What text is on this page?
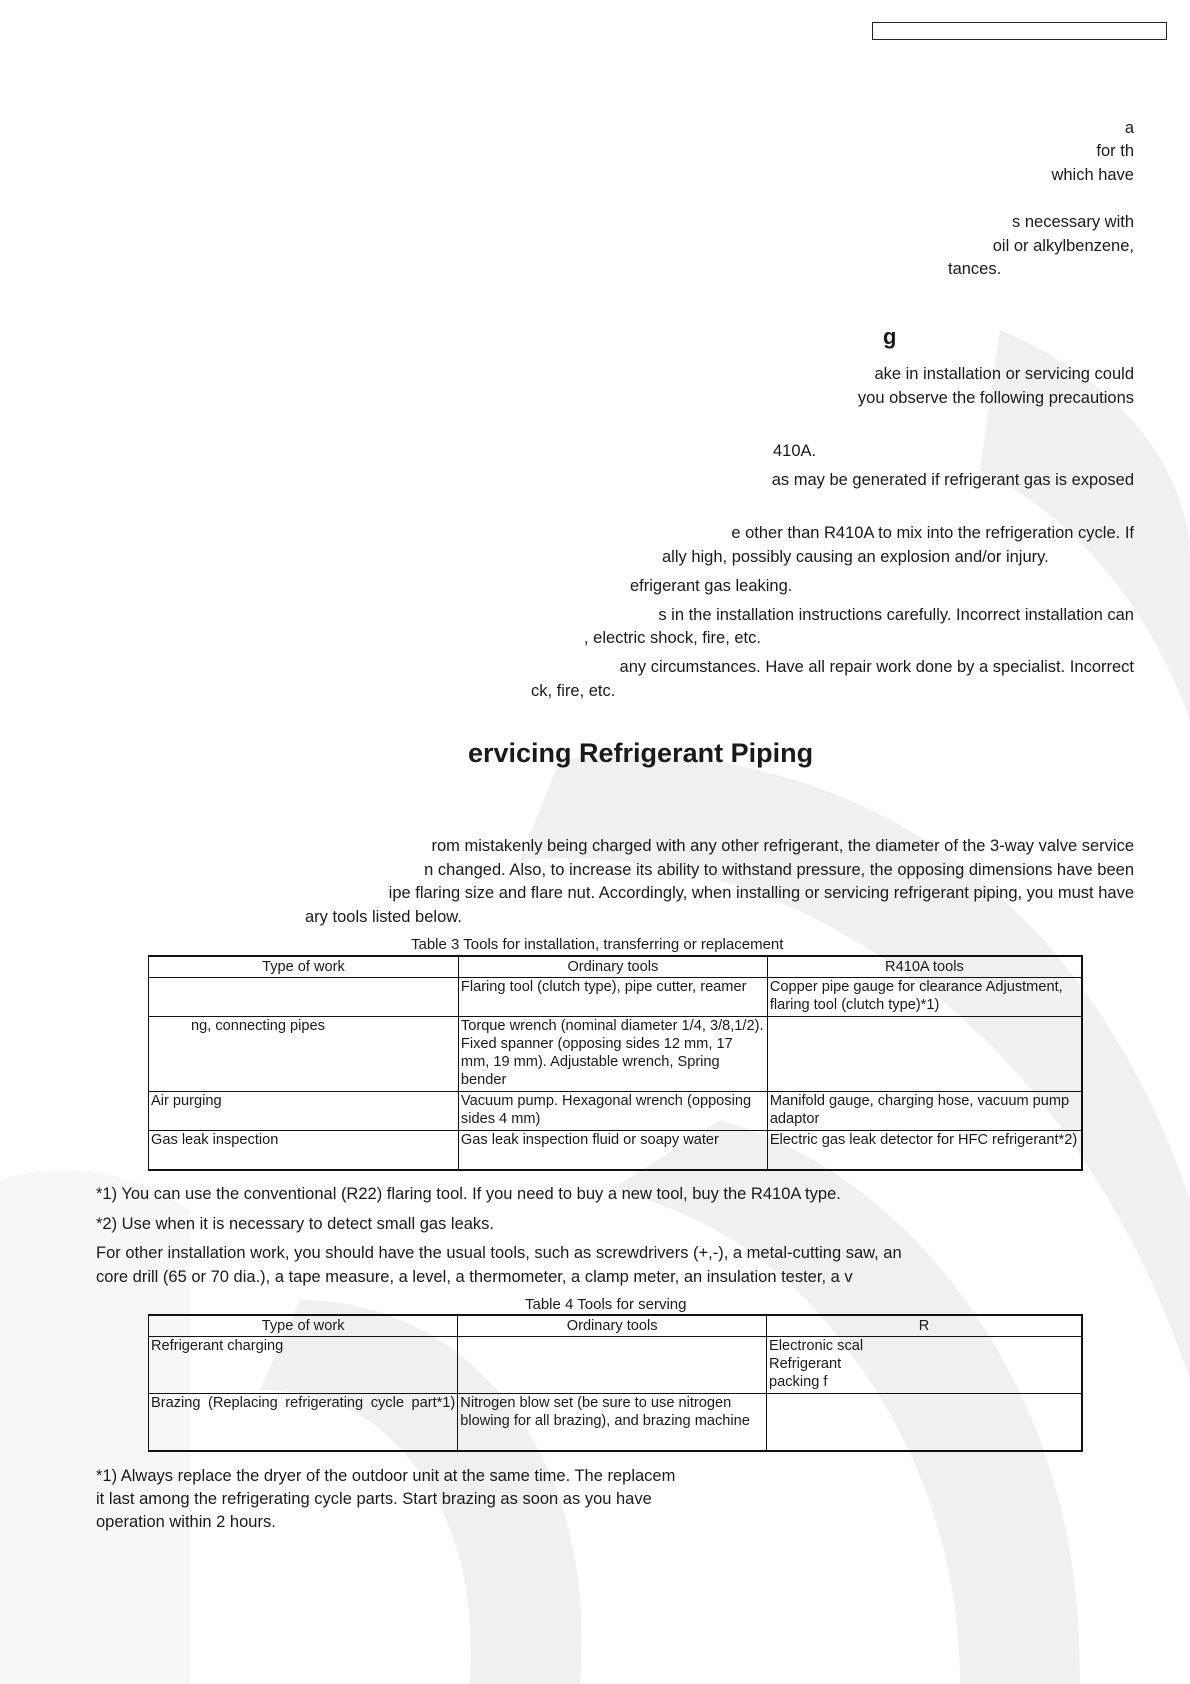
a
for th
which have
s necessary with
oil or alkylbenzene,
tances.
g
ake in installation or servicing could
you observe the following precautions
410A.
as may be generated if refrigerant gas is exposed
e other than R410A to mix into the refrigeration cycle. If
ally high, possibly causing an explosion and/or injury.
efrigerant gas leaking.
s in the installation instructions carefully. Incorrect installation can
, electric shock, fire, etc.
any circumstances. Have all repair work done by a specialist. Incorrect
ck, fire, etc.
ervicing Refrigerant Piping
rom mistakenly being charged with any other refrigerant, the diameter of the 3-way valve service
n changed. Also, to increase its ability to withstand pressure, the opposing dimensions have been
ipe flaring size and flare nut. Accordingly, when installing or servicing refrigerant piping, you must have
ary tools listed below.
Table 3 Tools for installation, transferring or replacement
Type of work	Ordinary tools	R410A tools
	Flaring tool (clutch type), pipe cutter, reamer	Copper pipe gauge for clearance Adjustment, flaring tool (clutch type)*1)
ng, connecting pipes	Torque wrench (nominal diameter 1/4, 3/8,1/2). Fixed spanner (opposing sides 12 mm, 17 mm, 19 mm). Adjustable wrench, Spring bender	
Air purging	Vacuum pump. Hexagonal wrench (opposing sides 4 mm)	Manifold gauge, charging hose, vacuum pump adaptor
Gas leak inspection	Gas leak inspection fluid or soapy water	Electric gas leak detector for HFC refrigerant*2)
*1) You can use the conventional (R22) flaring tool. If you need to buy a new tool, buy the R410A type.
*2) Use when it is necessary to detect small gas leaks.
For other installation work, you should have the usual tools, such as screwdrivers (+,-), a metal-cutting saw, an
core drill (65 or 70 dia.), a tape measure, a level, a thermometer, a clamp meter, an insulation tester, a v
Table 4 Tools for serving
Type of work	Ordinary tools	R
Refrigerant charging		Electronic scal Refrigerant packing f

Brazing (Replacing refrigerating cycle part*1)	Nitrogen blow set (be sure to use nitrogen blowing for all brazing), and brazing machine	
*1) Always replace the dryer of the outdoor unit at the same time. The replacem
it last among the refrigerating cycle parts. Start brazing as soon as you have
operation within 2 hours.
